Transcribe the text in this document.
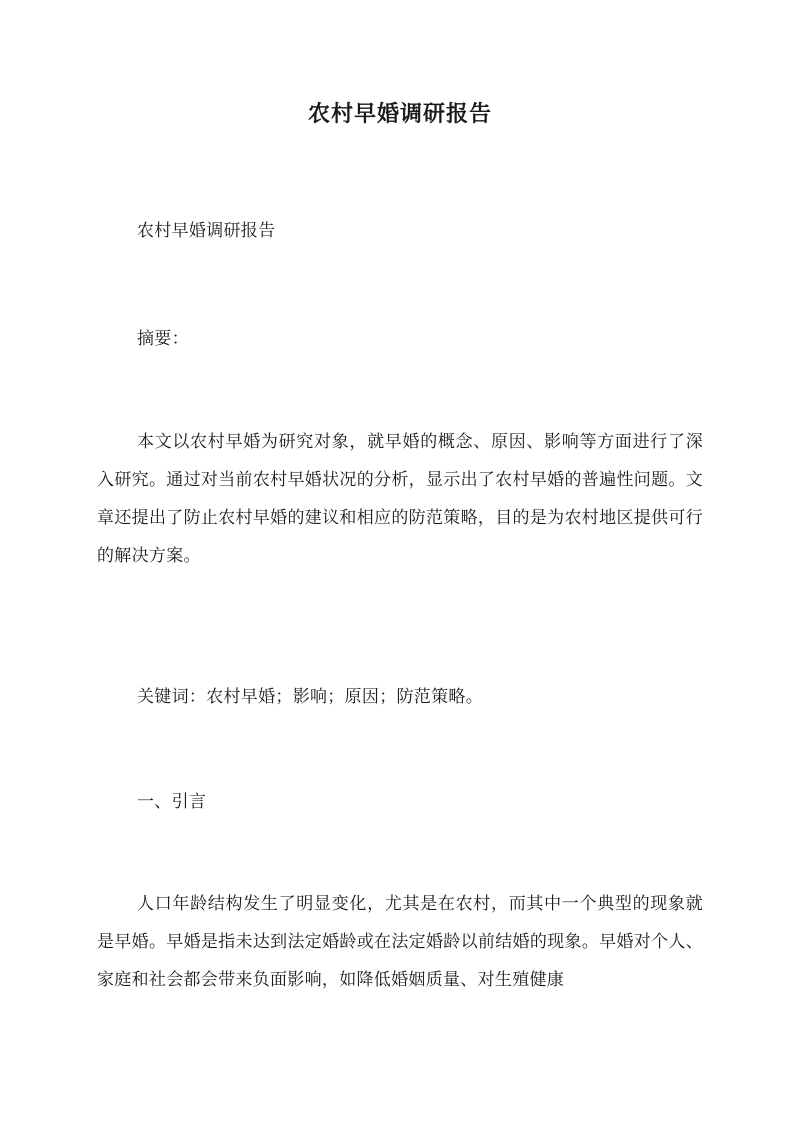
农村早婚调研报告

农村早婚调研报告

摘要：

本文以农村早婚为研究对象，就早婚的概念、原因、影响等方面进行了深入研究。通过对当前农村早婚状况的分析，显示出了农村早婚的普遍性问题。文章还提出了防止农村早婚的建议和相应的防范策略，目的是为农村地区提供可行的解决方案。

关键词：农村早婚；影响；原因；防范策略。

一、引言

人口年龄结构发生了明显变化，尤其是在农村，而其中一个典型的现象就是早婚。早婚是指未达到法定婚龄或在法定婚龄以前结婚的现象。早婚对个人、家庭和社会都会带来负面影响，如降低婚姻质量、对生殖健康
